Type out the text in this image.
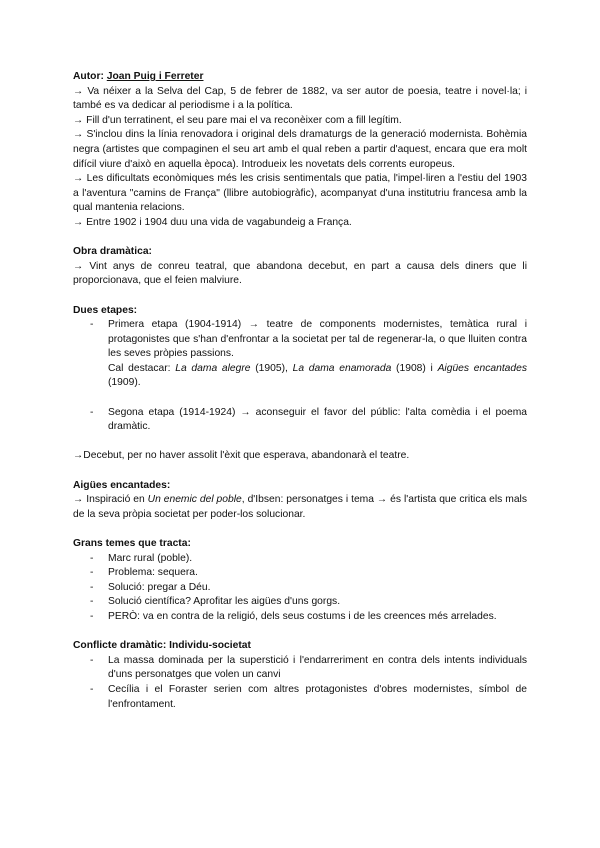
Autor: Joan Puig i Ferreter

→ Va néixer a la Selva del Cap, 5 de febrer de 1882, va ser autor de poesia, teatre i novel·la; i també es va dedicar al periodisme i a la política.

→ Fill d'un terratinent, el seu pare mai el va reconèixer com a fill legítim.

→ S'inclou dins la línia renovadora i original dels dramaturgs de la generació modernista. Bohèmia negra (artistes que compaginen el seu art amb el qual reben a partir d'aquest, encara que era molt difícil viure d'això en aquella època). Introdueix les novetats dels corrents europeus.

→ Les dificultats econòmiques més les crisis sentimentals que patia, l'impel·liren a l'estiu del 1903 a l'aventura "camins de França" (llibre autobiogràfic), acompanyat d'una institutriu francesa amb la qual mantenia relacions.

→ Entre 1902 i 1904 duu una vida de vagabundeig a França.

Obra dramàtica:

→ Vint anys de conreu teatral, que abandona decebut, en part a causa dels diners que li proporcionava, que el feien malviure.

Dues etapes:

- Primera etapa (1904-1914) → teatre de components modernistes, temàtica rural i protagonistes que s'han d'enfrontar a la societat per tal de regenerar-la, o que lluiten contra les seves pròpies passions.
Cal destacar: La dama alegre (1905), La dama enamorada (1908) i Aigües encantades (1909).
- Segona etapa (1914-1924) → aconseguir el favor del públic: l'alta comèdia i el poema dramàtic.

→Decebut, per no haver assolit l'èxit que esperava, abandonarà el teatre.

Aigües encantades:

→ Inspiració en Un enemic del poble, d'Ibsen: personatges i tema → és l'artista que critica els mals de la seva pròpia societat per poder-los solucionar.

Grans temes que tracta:

- Marc rural (poble).
- Problema: sequera.
- Solució: pregar a Déu.
- Solució científica? Aprofitar les aigües d'uns gorgs.
- PERÒ: va en contra de la religió, dels seus costums i de les creences més arrelades.

Conflicte dramàtic: Individu-societat

- La massa dominada per la superstició i l'endarreriment en contra dels intents individuals d'uns personatges que volen un canvi
- Cecília i el Foraster serien com altres protagonistes d'obres modernistes, símbol de l'enfrontament.
